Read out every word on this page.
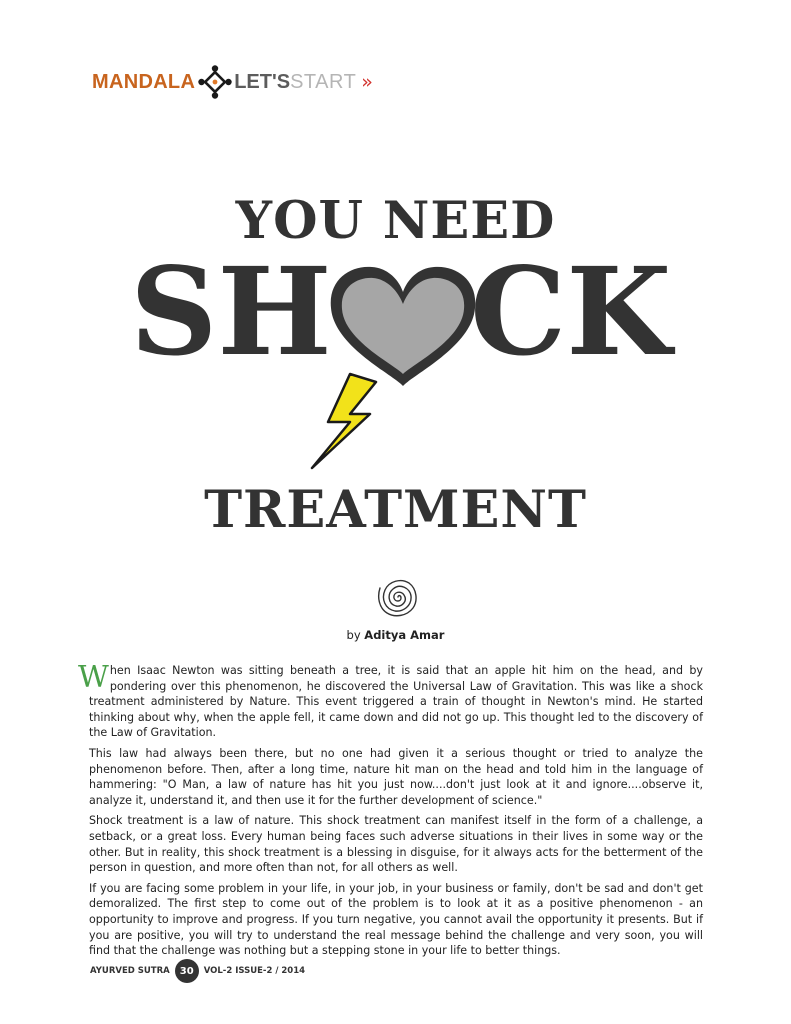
MANDALA LET'S START »
YOU NEED
SH CK
TREATMENT
by Aditya Amar

When Isaac Newton was sitting beneath a tree, it is said that an apple hit him on the head, and by pondering over this phenomenon, he discovered the Universal Law of Gravitation. This was like a shock treatment administered by Nature. This event triggered a train of thought in Newton's mind. He started thinking about why, when the apple fell, it came down and did not go up. This thought led to the discovery of the Law of Gravitation.

This law had always been there, but no one had given it a serious thought or tried to analyze the phenomenon before. Then, after a long time, nature hit man on the head and told him in the language of hammering: "O Man, a law of nature has hit you just now....don't just look at it and ignore....observe it, analyze it, understand it, and then use it for the further development of science."

Shock treatment is a law of nature. This shock treatment can manifest itself in the form of a challenge, a setback, or a great loss. Every human being faces such adverse situations in their lives in some way or the other. But in reality, this shock treatment is a blessing in disguise, for it always acts for the betterment of the person in question, and more often than not, for all others as well.

If you are facing some problem in your life, in your job, in your business or family, don't be sad and don't get demoralized. The first step to come out of the problem is to look at it as a positive phenomenon - an opportunity to improve and progress. If you turn negative, you cannot avail the opportunity it presents. But if you are positive, you will try to understand the real message behind the challenge and very soon, you will find that the challenge was nothing but a stepping stone in your life to better things.

AYURVED SUTRA	30	VOL-2 ISSUE-2 / 2014
